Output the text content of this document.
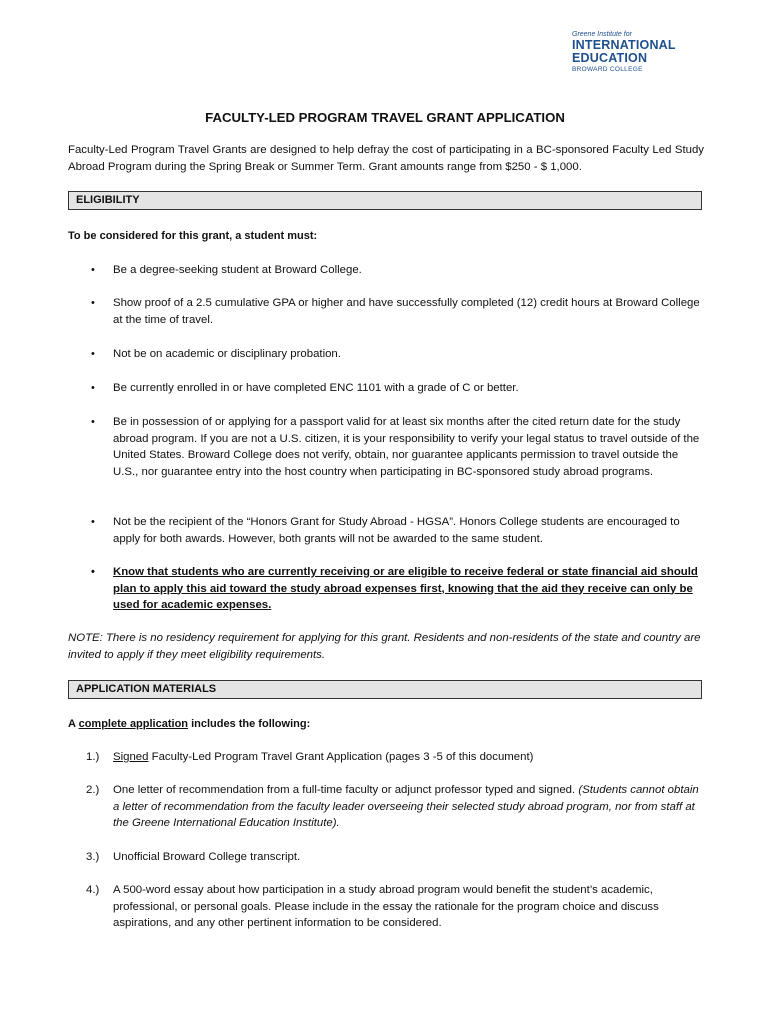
Greene Institute for
INTERNATIONAL
EDUCATION
BROWARD COLLEGE
FACULTY-LED PROGRAM TRAVEL GRANT APPLICATION
Faculty-Led Program Travel Grants are designed to help defray the cost of participating in a BC-sponsored Faculty Led Study Abroad Program during the Spring Break or Summer Term. Grant amounts range from $250 - $ 1,000.
ELIGIBILITY
To be considered for this grant, a student must:
• Be a degree-seeking student at Broward College.
• Show proof of a 2.5 cumulative GPA or higher and have successfully completed (12) credit hours at Broward College at the time of travel.
• Not be on academic or disciplinary probation.
• Be currently enrolled in or have completed ENC 1101 with a grade of C or better.
• Be in possession of or applying for a passport valid for at least six months after the cited return date for the study abroad program. If you are not a U.S. citizen, it is your responsibility to verify your legal status to travel outside of the United States. Broward College does not verify, obtain, nor guarantee applicants permission to travel outside the U.S., nor guarantee entry into the host country when participating in BC-sponsored study abroad programs.
• Not be the recipient of the “Honors Grant for Study Abroad - HGSA”. Honors College students are encouraged to apply for both awards. However, both grants will not be awarded to the same student.
• Know that students who are currently receiving or are eligible to receive federal or state financial aid should plan to apply this aid toward the study abroad expenses first, knowing that the aid they receive can only be used for academic expenses.
NOTE: There is no residency requirement for applying for this grant. Residents and non-residents of the state and country are invited to apply if they meet eligibility requirements.
APPLICATION MATERIALS
A complete application includes the following:
1.) Signed Faculty-Led Program Travel Grant Application (pages 3 -5 of this document)
2.) One letter of recommendation from a full-time faculty or adjunct professor typed and signed. (Students cannot obtain a letter of recommendation from the faculty leader overseeing their selected study abroad program, nor from staff at the Greene International Education Institute).
3.) Unofficial Broward College transcript.
4.) A 500-word essay about how participation in a study abroad program would benefit the student’s academic, professional, or personal goals. Please include in the essay the rationale for the program choice and discuss aspirations, and any other pertinent information to be considered.
